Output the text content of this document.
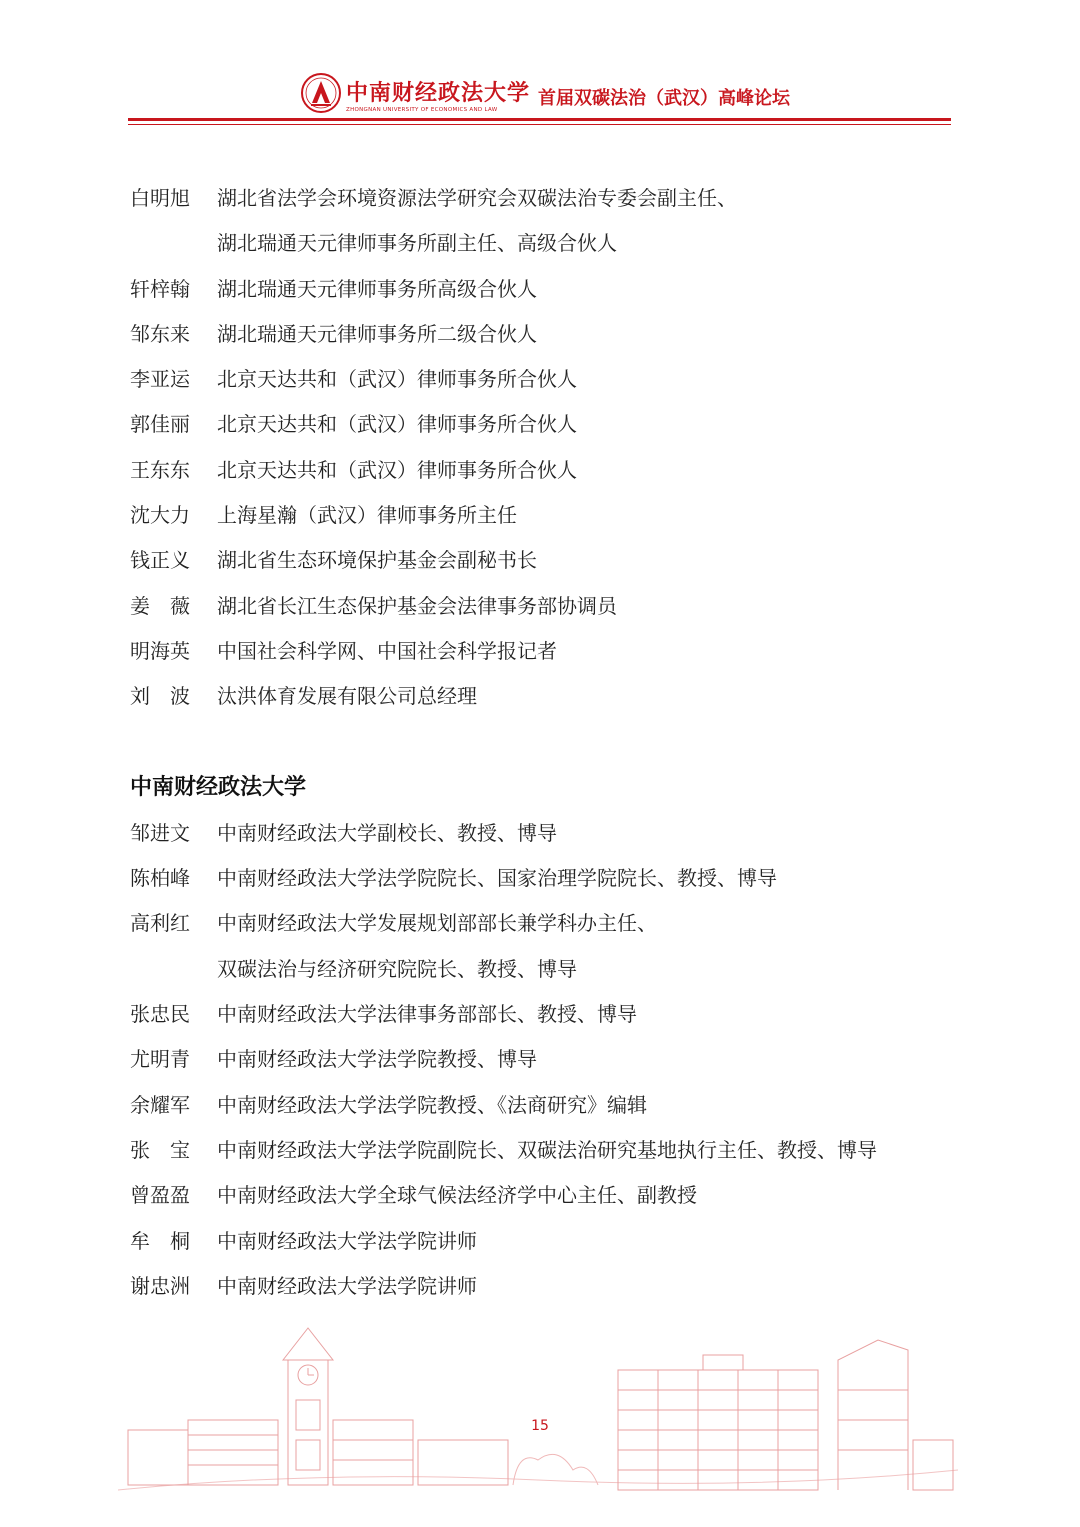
中南财经政法大学
ZHONGNAN UNIVERSITY OF ECONOMICS AND LAW
首届双碳法治（武汉）高峰论坛
白明旭	湖北省法学会环境资源法学研究会双碳法治专委会副主任、
湖北瑞通天元律师事务所副主任、高级合伙人
轩梓翰	湖北瑞通天元律师事务所高级合伙人
邹东来	湖北瑞通天元律师事务所二级合伙人
李亚运	北京天达共和（武汉）律师事务所合伙人
郭佳丽	北京天达共和（武汉）律师事务所合伙人
王东东	北京天达共和（武汉）律师事务所合伙人
沈大力	上海星瀚（武汉）律师事务所主任
钱正义	湖北省生态环境保护基金会副秘书长
姜薇 湖北省长江生态保护基金会法律事务部协调员
明海英	中国社会科学网、中国社会科学报记者
刘波 汰洪体育发展有限公司总经理
中南财经政法大学
邹进文	中南财经政法大学副校长、教授、博导
陈柏峰	中南财经政法大学法学院院长、国家治理学院院长、教授、博导
高利红	中南财经政法大学发展规划部部长兼学科办主任、
双碳法治与经济研究院院长、教授、博导
张忠民	中南财经政法大学法律事务部部长、教授、博导
尤明青	中南财经政法大学法学院教授、博导
余耀军	中南财经政法大学法学院教授、《法商研究》编辑
张宝 中南财经政法大学法学院副院长、双碳法治研究基地执行主任、教授、博导
曾盈盈	中南财经政法大学全球气候法经济学中心主任、副教授
牟桐 中南财经政法大学法学院讲师
谢忠洲	中南财经政法大学法学院讲师
15
